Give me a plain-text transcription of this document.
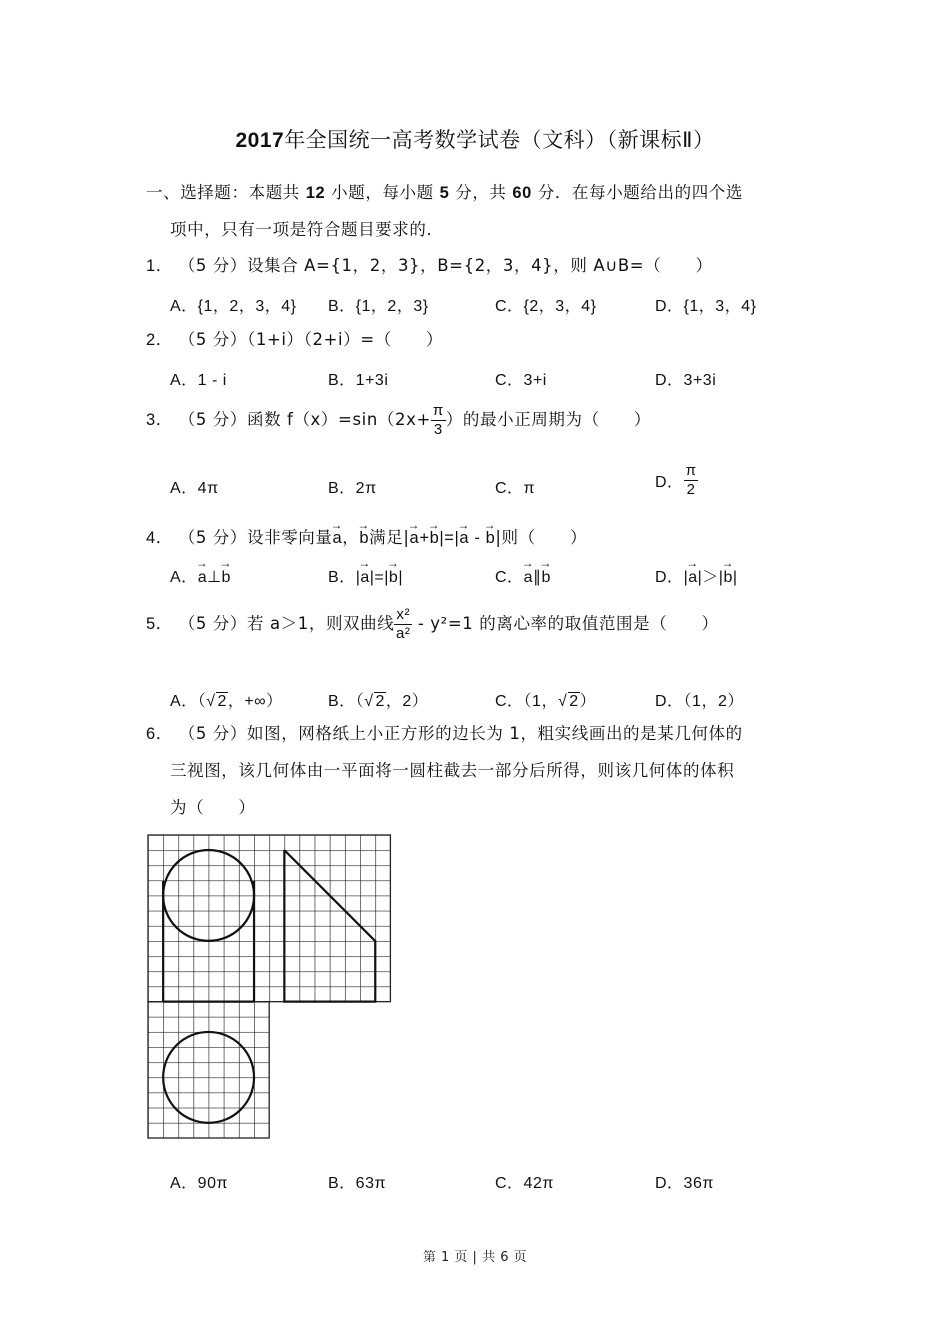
2017年全国统一高考数学试卷（文科）（新课标Ⅱ）
一、选择题：本题共 12 小题，每小题 5 分，共 60 分．在每小题给出的四个选
项中，只有一项是符合题目要求的．
1． （5 分）设集合 A={1，2，3}，B={2，3，4}，则 A∪B=（　　）
A．{1，2，3，4} B．{1，2，3}	C．{2，3，4}	D．{1，3，4}
2． （5 分）（1+i）（2+i）=（　　）
A．1 - i	B．1+3i	C．3+i	D．3+3i
3． （5 分）函数 $f(x)=\sin(2x+ \frac{\pi}{3}$ ）的最小正周期为（　　）
A．4π	B．2π	C．π	D． $\frac{\pi}{2}$
4． （5 分）设非零向量→ a，→ b满足|→ a+→ b|=|→ a - → b|则（　　）
A．→ a⊥→ b	B．|→ a|=|→ b|	C．→ a∥→ b	D．|→ a|＞|→ b|
5． （5 分）若 a＞1，则双曲线 $\frac{\text{x²}}{\text{a²}} - y^2=1$ 的离心率的取值范围是（　　）
A．（√ 2，+∞）	B．（√ 2，2）	C．（1，√ 2）	D．（1，2）
6． （5 分）如图，网格纸上小正方形的边长为 1，粗实线画出的是某几何体的
三视图，该几何体由一平面将一圆柱截去一部分后所得，则该几何体的体积
为（　　）
A．90π	B．63π	C．42π	D．36π
第 1 页 | 共 6 页
